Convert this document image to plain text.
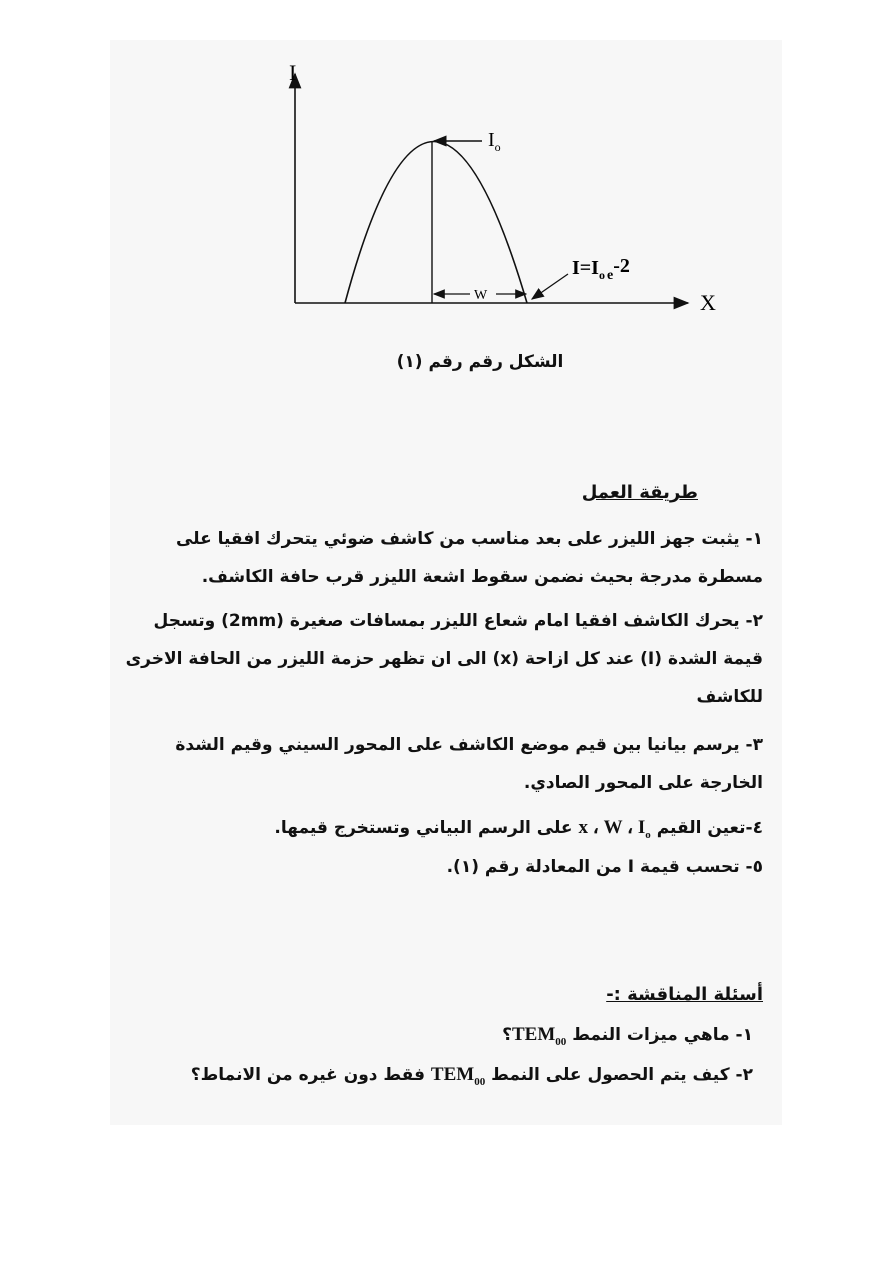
I
X
$I_o$
W
$I=I_o$ e-2
الشكل رقم رقم (١)
طريقة العمل
١- يثبت جهز الليزر على بعد مناسب من كاشف ضوئي يتحرك افقيا على مسطرة مدرجة بحيث نضمن سقوط اشعة الليزر قرب حافة الكاشف.
٢- يحرك الكاشف افقيا امام شعاع الليزر بمسافات صغيرة (2mm) وتسجل قيمة الشدة (I) عند كل ازاحة (x) الى ان تظهر حزمة الليزر من الحافة الاخرى للكاشف
٣- يرسم بيانيا بين قيم موضع الكاشف على المحور السيني وقيم الشدة الخارجة على المحور الصادي.
٤-تعين القيم x ، W ، $I_o$ على الرسم البياني وتستخرج قيمها.
٥- تحسب قيمة I من المعادلة رقم (١).
أسئلة المناقشة :-
١- ماهي ميزات النمط $TEM_{00}؟$
٢- كيف يتم الحصول على النمط $TEM_{00}$ فقط دون غيره من الانماط؟
